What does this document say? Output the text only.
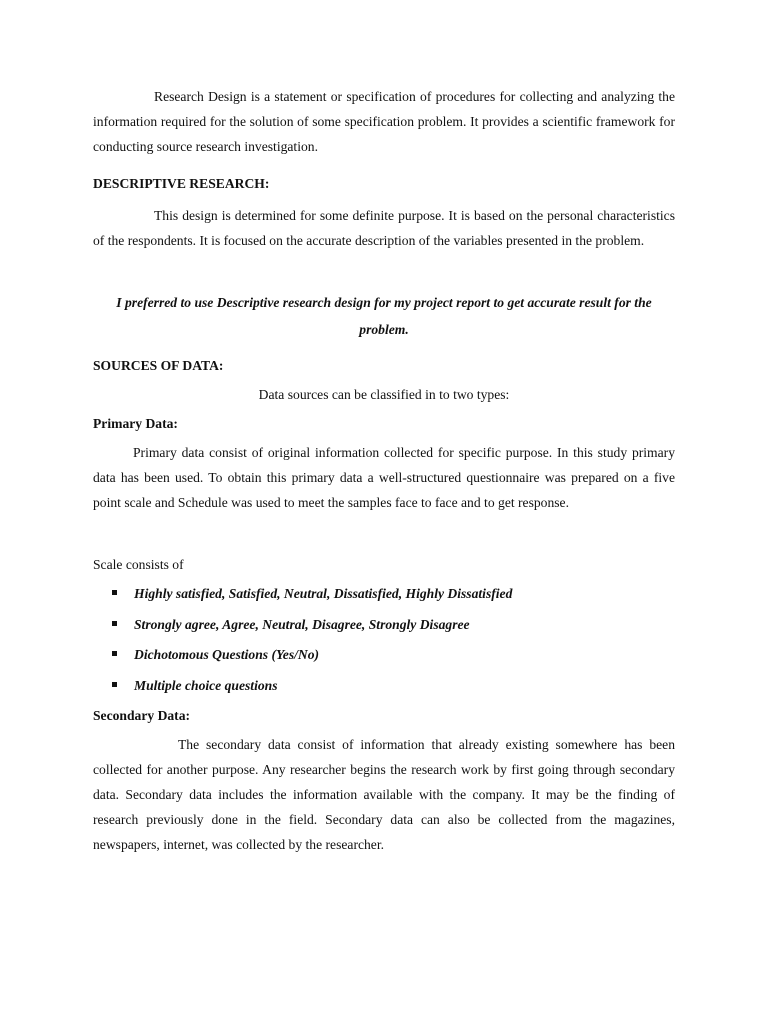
Research Design is a statement or specification of procedures for collecting and analyzing the information required for the solution of some specification problem. It provides a scientific framework for conducting source research investigation.

DESCRIPTIVE RESEARCH:

This design is determined for some definite purpose. It is based on the personal characteristics of the respondents. It is focused on the accurate description of the variables presented in the problem.

I preferred to use Descriptive research design for my project report to get accurate result for the problem.

SOURCES OF DATA:
Data sources can be classified in to two types:
Primary Data:

Primary data consist of original information collected for specific purpose. In this study primary data has been used. To obtain this primary data a well-structured questionnaire was prepared on a five point scale and Schedule was used to meet the samples face to face and to get response.

Scale consists of
Highly satisfied, Satisfied, Neutral, Dissatisfied, Highly Dissatisfied
Strongly agree, Agree, Neutral, Disagree, Strongly Disagree
Dichotomous Questions (Yes/No)
Multiple choice questions
Secondary Data:

The secondary data consist of information that already existing somewhere has been collected for another purpose. Any researcher begins the research work by first going through secondary data. Secondary data includes the information available with the company. It may be the finding of research previously done in the field. Secondary data can also be collected from the magazines, newspapers, internet, was collected by the researcher.
